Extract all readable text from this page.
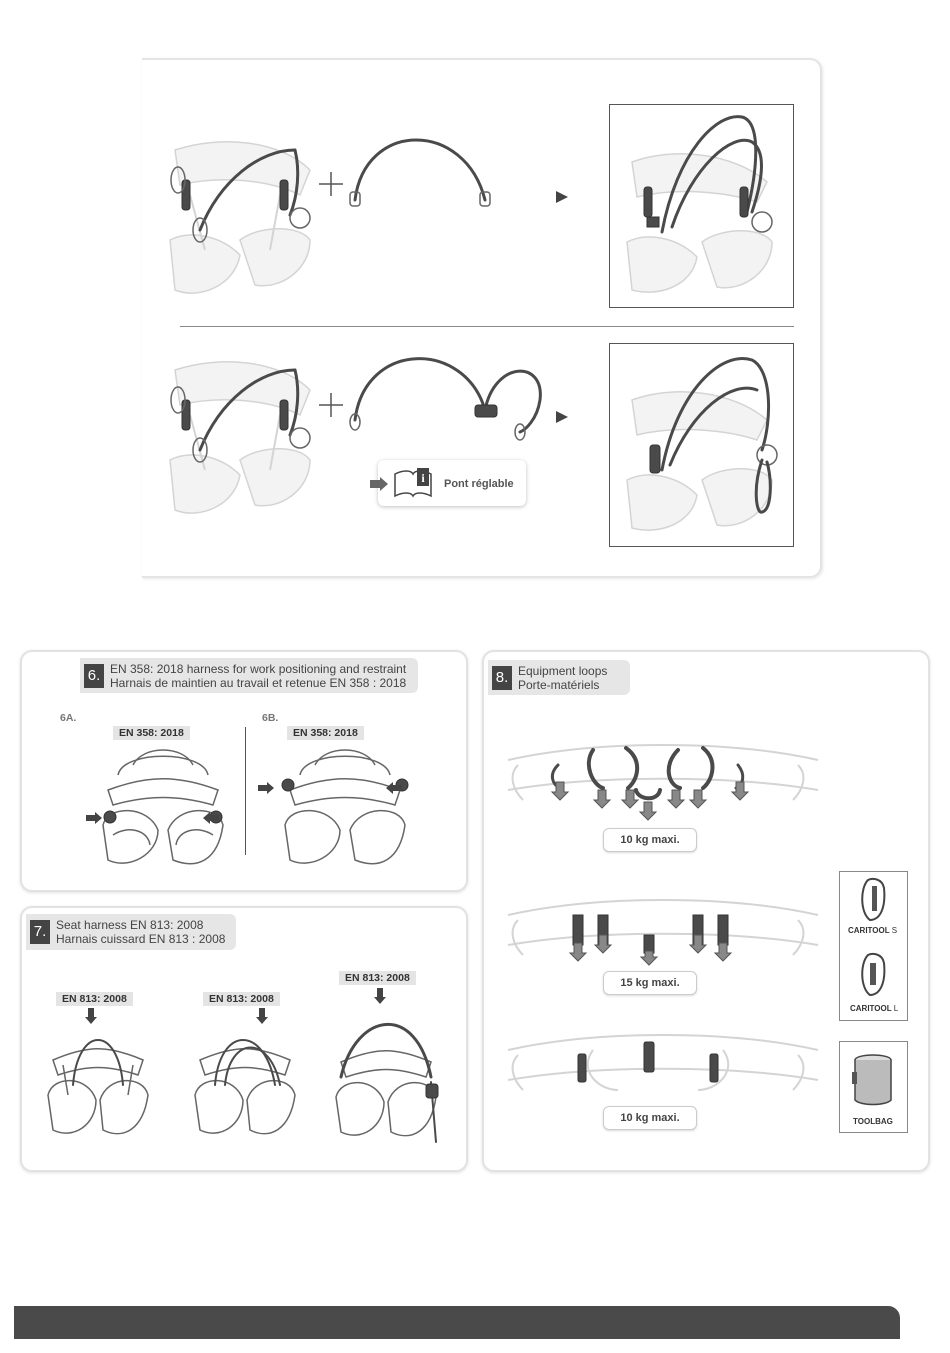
i Pont réglable
6. EN 358: 2018 harness for work positioning and restraint
Harnais de maintien au travail et retenue EN 358 : 2018
6A.
EN 358: 2018
6B.
EN 358: 2018
7. Seat harness EN 813: 2008
Harnais cuissard EN 813 : 2008
EN 813: 2008	EN 813: 2008
EN 813: 2008
8. Equipment loops
Porte-matériels
10 kg maxi.
15 kg maxi.
CARITOOL S
CARITOOL L
10 kg maxi.	TOOLBAG
